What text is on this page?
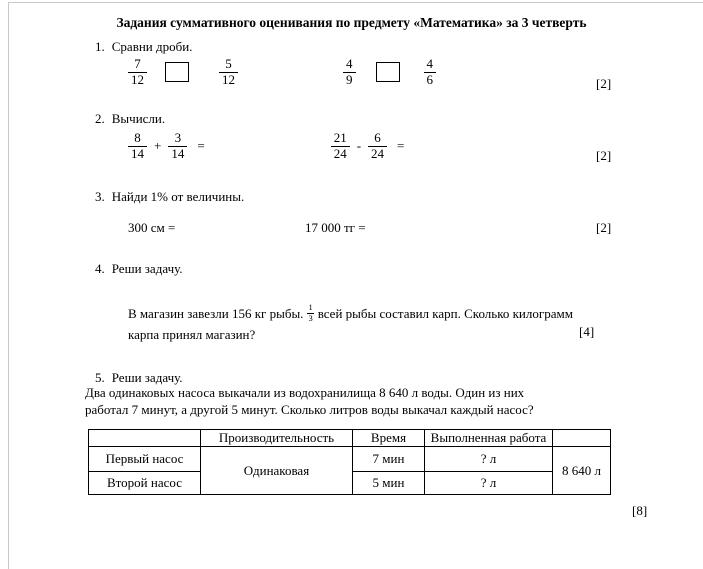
Задания суммативного оценивания по предмету «Математика» за 3 четверть
1. Сравни дроби.
$\frac{7}{12}$	$\frac{5}{12}$	$\frac{4}{9}$	$\frac{4}{6}$	[2]
2. Вычисли.
$\frac{8}{14} + \frac{3}{14}$ =	$\frac{21}{24} - \frac{6}{24}$ =
[2]
3. Найди 1% от величины.
300 см =	17 000 тг =	[2]
4. Реши задачу.
В магазин завезли 156 кг рыбы. $\frac{1}{3}$ всей рыбы составил карп. Сколько килограмм
карпа принял магазин?	[4]
5. Реши задачу.
Два одинаковых насоса выкачали из водохранилища 8 640 л воды. Один из них
работал 7 минут, а другой 5 минут. Сколько литров воды выкачал каждый насос?
	Производительность	Время	Выполненная работа	
Первый насос	Одинаковая	7 мин	? л	8 640 л
Второй насос		5 мин	? л	
[8]
